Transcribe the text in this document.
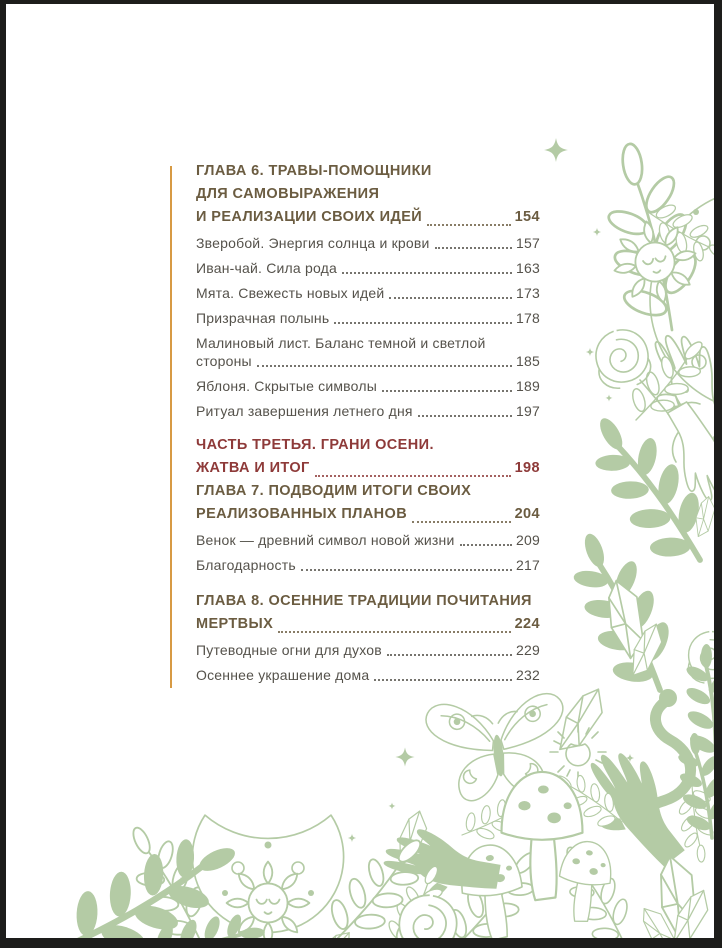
ГЛАВА 6. ТРАВЫ-ПОМОЩНИКИ
ДЛЯ САМОВЫРАЖЕНИЯ
И РЕАЛИЗАЦИИ СВОИХ ИДЕЙ	154
Зверобой. Энергия солнца и крови	157
Иван-чай. Сила рода	163
Мята. Свежесть новых идей	173
Призрачная полынь	178
Малиновый лист. Баланс темной и светлой
стороны	185
Яблоня. Скрытые символы	189
Ритуал завершения летнего дня	197
ЧАСТЬ ТРЕТЬЯ. ГРАНИ ОСЕНИ.
ЖАТВА И ИТОГ	198
ГЛАВА 7. ПОДВОДИМ ИТОГИ СВОИХ
РЕАЛИЗОВАННЫХ ПЛАНОВ	204
Венок — древний символ новой жизни	209
Благодарность	217
ГЛАВА 8. ОСЕННИЕ ТРАДИЦИИ ПОЧИТАНИЯ
МЕРТВЫХ	224
Путеводные огни для духов	229
Осеннее украшение дома	232
